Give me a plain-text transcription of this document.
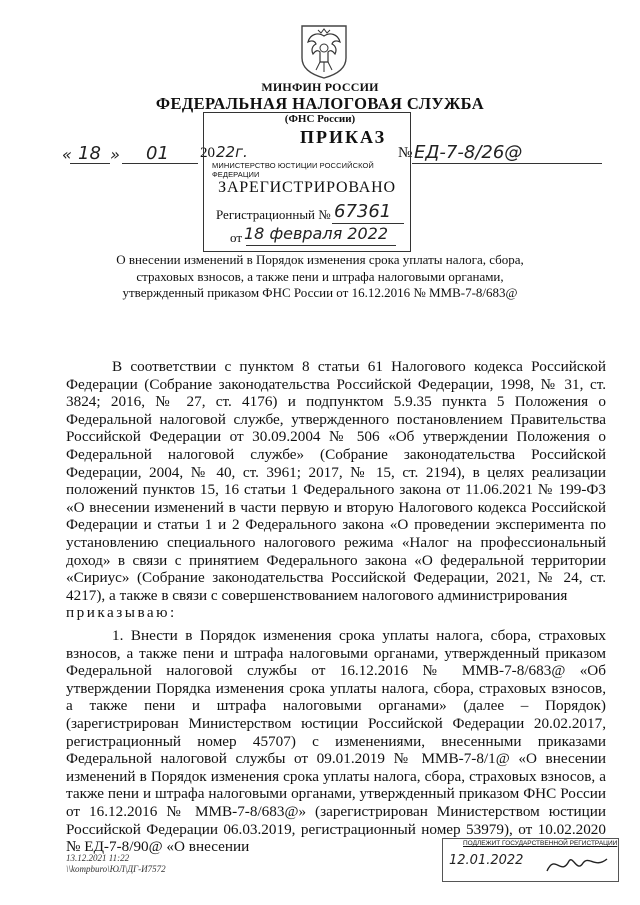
МИНФИН РОССИИ
ФЕДЕРАЛЬНАЯ НАЛОГОВАЯ СЛУЖБА
(ФНС России)
ПРИКАЗ
« 18 » 01 20 22г.	№ ЕД-7-8/26@
МИНИСТЕРСТВО ЮСТИЦИИ РОССИЙСКОЙ ФЕДЕРАЦИИ
ЗАРЕГИСТРИРОВАНО
Регистрационный № 67361
от 18 февраля 2022
О внесении изменений в Порядок изменения срока уплаты налога, сбора, страховых взносов, а также пени и штрафа налоговыми органами, утвержденный приказом ФНС России от 16.12.2016 № ММВ-7-8/683@
В соответствии с пунктом 8 статьи 61 Налогового кодекса Российской Федерации (Собрание законодательства Российской Федерации, 1998, № 31, ст. 3824; 2016, № 27, ст. 4176) и подпунктом 5.9.35 пункта 5 Положения о Федеральной налоговой службе, утвержденного постановлением Правительства Российской Федерации от 30.09.2004 № 506 «Об утверждении Положения о Федеральной налоговой службе» (Собрание законодательства Российской Федерации, 2004, № 40, ст. 3961; 2017, № 15, ст. 2194), в целях реализации положений пунктов 15, 16 статьи 1 Федерального закона от 11.06.2021 № 199-ФЗ «О внесении изменений в части первую и вторую Налогового кодекса Российской Федерации и статьи 1 и 2 Федерального закона «О проведении эксперимента по установлению специального налогового режима «Налог на профессиональный доход» в связи с принятием Федерального закона «О федеральной территории «Сириус» (Собрание законодательства Российской Федерации, 2021, № 24, ст. 4217), а также в связи с совершенствованием налогового администрирования
приказываю:
1. Внести в Порядок изменения срока уплаты налога, сбора, страховых взносов, а также пени и штрафа налоговыми органами, утвержденный приказом Федеральной налоговой службы от 16.12.2016 № ММВ-7-8/683@ «Об утверждении Порядка изменения срока уплаты налога, сбора, страховых взносов, а также пени и штрафа налоговыми органами» (далее – Порядок) (зарегистрирован Министерством юстиции Российской Федерации 20.02.2017, регистрационный номер 45707) с изменениями, внесенными приказами Федеральной налоговой службы от 09.01.2019 № ММВ-7-8/1@ «О внесении изменений в Порядок изменения срока уплаты налога, сбора, страховых взносов, а также пени и штрафа налоговыми органами, утвержденный приказом ФНС России от 16.12.2016 № ММВ-7-8/683@» (зарегистрирован Министерством юстиции Российской Федерации 06.03.2019, регистрационный номер 53979), от 10.02.2020 № ЕД-7-8/90@ «О внесении
13.12.2021 11:22
\\kompburo\ЮЛ\ДГ-И7572
ПОДЛЕЖИТ ГОСУДАРСТВЕННОЙ РЕГИСТРАЦИИ
12.01.2022
